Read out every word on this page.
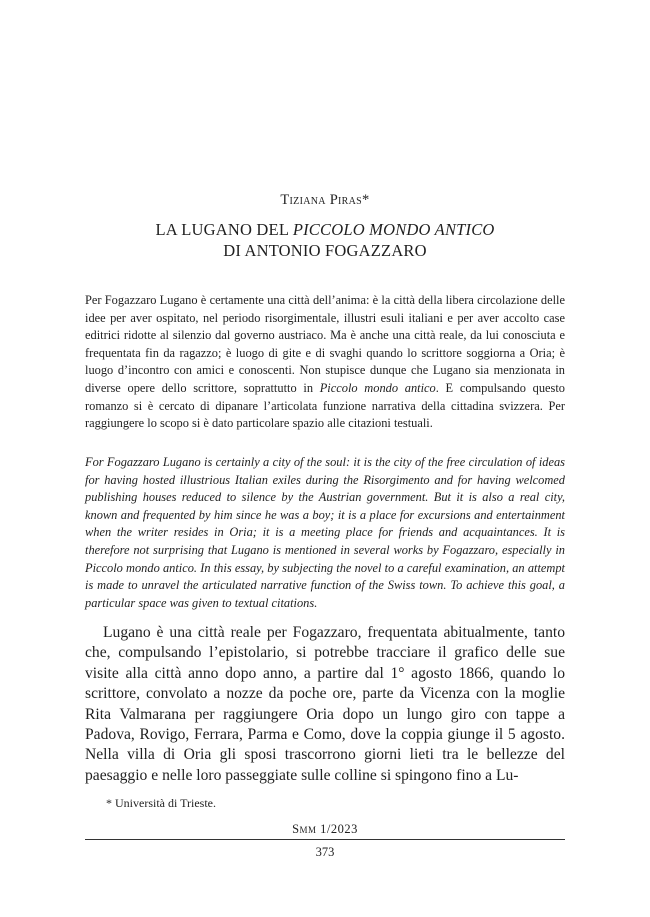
Tiziana Piras*
LA LUGANO DEL PICCOLO MONDO ANTICO
DI ANTONIO FOGAZZARO

Per Fogazzaro Lugano è certamente una città dell’anima: è la città della libera circolazione delle idee per aver ospitato, nel periodo risorgimentale, illustri esuli italiani e per aver accolto case editrici ridotte al silenzio dal governo austriaco. Ma è anche una città reale, da lui conosciuta e frequentata fin da ragazzo; è luogo di gite e di svaghi quando lo scrittore soggiorna a Oria; è luogo d’incontro con amici e conoscenti. Non stupisce dunque che Lugano sia menzionata in diverse opere dello scrittore, soprattutto in Piccolo mondo antico. E compulsando questo romanzo si è cercato di dipanare l’articolata funzione narrativa della cittadina svizzera. Per raggiungere lo scopo si è dato particolare spazio alle citazioni testuali.

For Fogazzaro Lugano is certainly a city of the soul: it is the city of the free circulation of ideas for having hosted illustrious Italian exiles during the Risorgimento and for having welcomed publishing houses reduced to silence by the Austrian government. But it is also a real city, known and frequented by him since he was a boy; it is a place for excursions and entertainment when the writer resides in Oria; it is a meeting place for friends and acquaintances. It is therefore not surprising that Lugano is mentioned in several works by Fogazzaro, especially in Piccolo mondo antico. In this essay, by subjecting the novel to a careful examination, an attempt is made to unravel the articulated narrative function of the Swiss town. To achieve this goal, a particular space was given to textual citations.

Lugano è una città reale per Fogazzaro, frequentata abitualmente, tanto che, compulsando l’epistolario, si potrebbe tracciare il grafico delle sue visite alla città anno dopo anno, a partire dal 1° agosto 1866, quando lo scrittore, convolato a nozze da poche ore, parte da Vicenza con la moglie Rita Valmarana per raggiungere Oria dopo un lungo giro con tappe a Padova, Rovigo, Ferrara, Parma e Como, dove la coppia giunge il 5 agosto. Nella villa di Oria gli sposi trascorrono giorni lieti tra le bellezze del paesaggio e nelle loro passeggiate sulle colline si spingono fino a Lu-

* Università di Trieste.
Smm 1/2023
373
